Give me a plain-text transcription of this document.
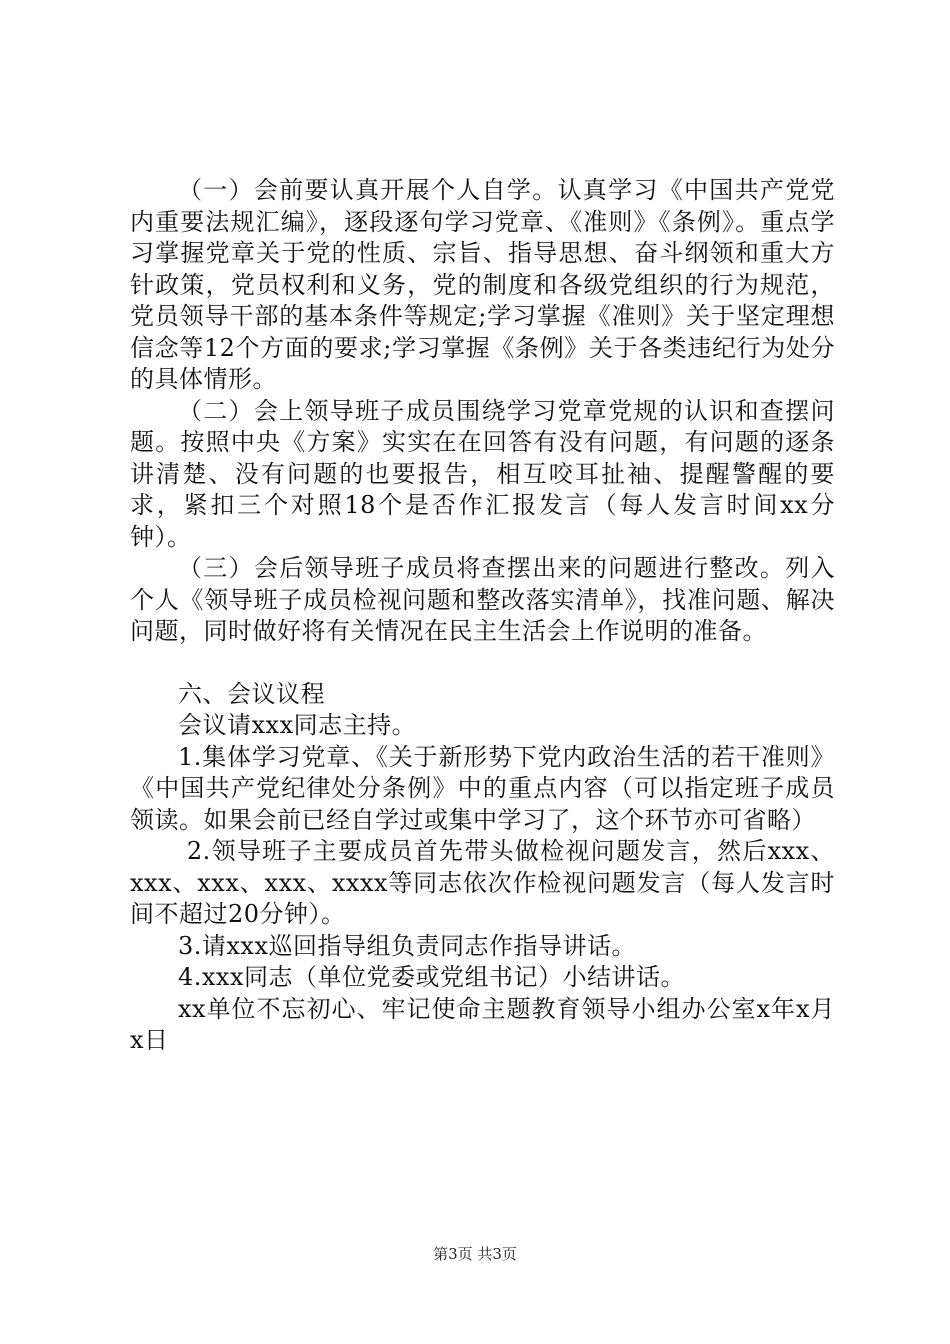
（一）会前要认真开展个人自学。认真学习《中国共产党党内重要法规汇编》，逐段逐句学习党章、《准则》《条例》。重点学习掌握党章关于党的性质、宗旨、指导思想、奋斗纲领和重大方针政策，党员权利和义务，党的制度和各级党组织的行为规范，党员领导干部的基本条件等规定;学习掌握《准则》关于坚定理想信念等12个方面的要求;学习掌握《条例》关于各类违纪行为处分的具体情形。

（二）会上领导班子成员围绕学习党章党规的认识和查摆问题。按照中央《方案》实实在在回答有没有问题，有问题的逐条讲清楚、没有问题的也要报告，相互咬耳扯袖、提醒警醒的要求，紧扣三个对照18个是否作汇报发言（每人发言时间xx分钟）。

（三）会后领导班子成员将查摆出来的问题进行整改。列入个人《领导班子成员检视问题和整改落实清单》，找准问题、解决问题，同时做好将有关情况在民主生活会上作说明的准备。

六、会议议程

会议请xxx同志主持。

1.集体学习党章、《关于新形势下党内政治生活的若干准则》《中国共产党纪律处分条例》中的重点内容（可以指定班子成员领读。如果会前已经自学过或集中学习了，这个环节亦可省略）

2.领导班子主要成员首先带头做检视问题发言，然后xxx、xxx、xxx、xxx、xxxx等同志依次作检视问题发言（每人发言时间不超过20分钟）。

3.请xxx巡回指导组负责同志作指导讲话。

4.xxx同志（单位党委或党组书记）小结讲话。

xx单位不忘初心、牢记使命主题教育领导小组办公室x年x月x日

第3页 共3页
